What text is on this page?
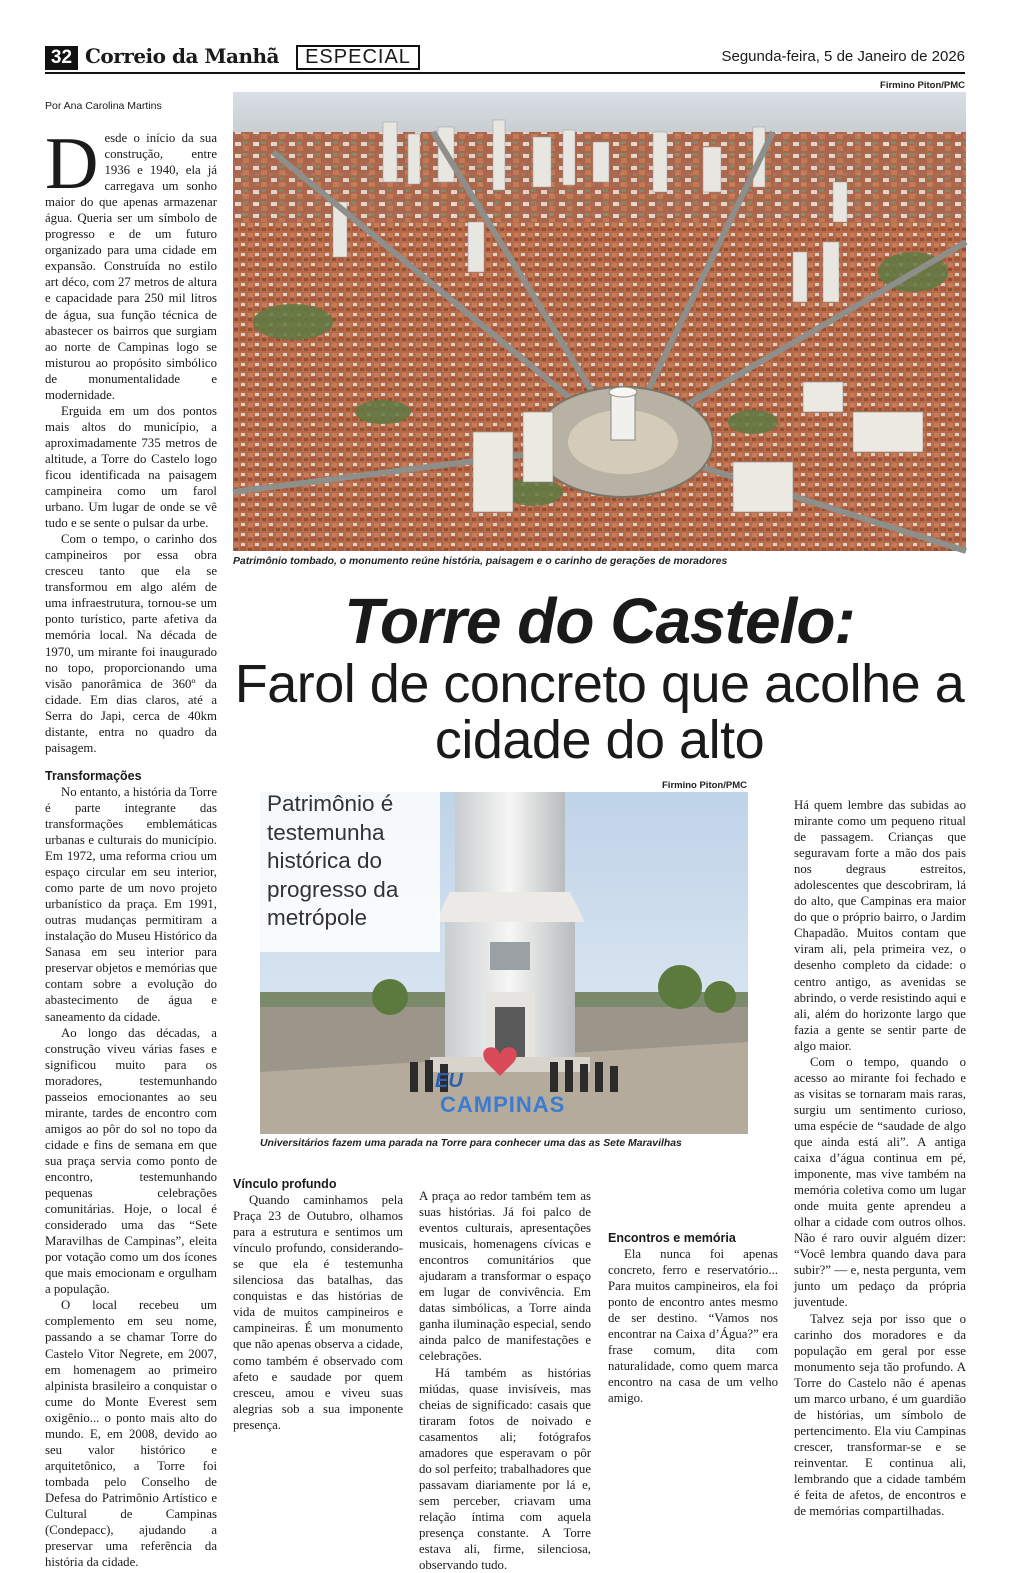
32 Correio da Manhã	ESPECIAL	Segunda-feira, 5 de Janeiro de 2026
Por Ana Carolina Martins
Firmino Piton/PMC
Patrimônio tombado, o monumento reúne história, paisagem e o carinho de gerações de moradores
Torre do Castelo:
Farol de concreto que acolhe a cidade do alto
Firmino Piton/PMC
EU
CAMPINAS
Patrimônio é testemunha histórica do progresso da metrópole
Universitários fazem uma parada na Torre para conhecer uma das as Sete Maravilhas

Desde o início da sua construção, entre 1936 e 1940, ela já carregava um sonho maior do que apenas armazenar água. Queria ser um símbolo de progresso e de um futuro organizado para uma cidade em expansão. Construída no estilo art déco, com 27 metros de altura e capacidade para 250 mil litros de água, sua função técnica de abastecer os bairros que surgiam ao norte de Campinas logo se misturou ao propósito simbólico de monumentalidade e modernidade.

Erguida em um dos pontos mais altos do município, a aproximadamente 735 metros de altitude, a Torre do Castelo logo ficou identificada na paisagem campineira como um farol urbano. Um lugar de onde se vê tudo e se sente o pulsar da urbe.

Com o tempo, o carinho dos campineiros por essa obra cresceu tanto que ela se transformou em algo além de uma infraestrutura, tornou-se um ponto turístico, parte afetiva da memória local. Na década de 1970, um mirante foi inaugurado no topo, proporcionando uma visão panorâmica de 360º da cidade. Em dias claros, até a Serra do Japi, cerca de 40km distante, entra no quadro da paisagem.

Transformações

No entanto, a história da Torre é parte integrante das transformações emblemáticas urbanas e culturais do município. Em 1972, uma reforma criou um espaço circular em seu interior, como parte de um novo projeto urbanístico da praça. Em 1991, outras mudanças permitiram a instalação do Museu Histórico da Sanasa em seu interior para preservar objetos e memórias que contam sobre a evolução do abastecimento de água e saneamento da cidade.

Ao longo das décadas, a construção viveu várias fases e significou muito para os moradores, testemunhando passeios emocionantes ao seu mirante, tardes de encontro com amigos ao pôr do sol no topo da cidade e fins de semana em que sua praça servia como ponto de encontro, testemunhando pequenas celebrações comunitárias. Hoje, o local é considerado uma das “Sete Maravilhas de Campinas”, eleita por votação como um dos ícones que mais emocionam e orgulham a população.

O local recebeu um complemento em seu nome, passando a se chamar Torre do Castelo Vitor Negrete, em 2007, em homenagem ao primeiro alpinista brasileiro a conquistar o cume do Monte Everest sem oxigênio... o ponto mais alto do mundo. E, em 2008, devido ao seu valor histórico e arquitetônico, a Torre foi tombada pelo Conselho de Defesa do Patrimônio Artístico e Cultural de Campinas (Condepacc), ajudando a preservar uma referência da história da cidade.

Vínculo profundo

Quando caminhamos pela Praça 23 de Outubro, olhamos para a estrutura e sentimos um vínculo profundo, considerando-se que ela é testemunha silenciosa das batalhas, das conquistas e das histórias de vida de muitos campineiros e campineiras. É um monumento que não apenas observa a cidade, como também é observado com afeto e saudade por quem cresceu, amou e viveu suas alegrias sob a sua imponente presença.

A praça ao redor também tem as suas histórias. Já foi palco de eventos culturais, apresentações musicais, homenagens cívicas e encontros comunitários que ajudaram a transformar o espaço em lugar de convivência. Em datas simbólicas, a Torre ainda ganha iluminação especial, sendo ainda palco de manifestações e celebrações.

Há também as histórias miúdas, quase invisíveis, mas cheias de significado: casais que tiraram fotos de noivado e casamentos ali; fotógrafos amadores que esperavam o pôr do sol perfeito; trabalhadores que passavam diariamente por lá e, sem perceber, criavam uma relação íntima com aquela presença constante. A Torre estava ali, firme, silenciosa, observando tudo.

Encontros e memória

Ela nunca foi apenas concreto, ferro e reservatório... Para muitos campineiros, ela foi ponto de encontro antes mesmo de ser destino. “Vamos nos encontrar na Caixa d’Água?” era frase comum, dita com naturalidade, como quem marca encontro na casa de um velho amigo.

Há quem lembre das subidas ao mirante como um pequeno ritual de passagem. Crianças que seguravam forte a mão dos pais nos degraus estreitos, adolescentes que descobriram, lá do alto, que Campinas era maior do que o próprio bairro, o Jardim Chapadão. Muitos contam que viram ali, pela primeira vez, o desenho completo da cidade: o centro antigo, as avenidas se abrindo, o verde resistindo aqui e ali, além do horizonte largo que fazia a gente se sentir parte de algo maior.

Com o tempo, quando o acesso ao mirante foi fechado e as visitas se tornaram mais raras, surgiu um sentimento curioso, uma espécie de “saudade de algo que ainda está ali”. A antiga caixa d’água continua em pé, imponente, mas vive também na memória coletiva como um lugar onde muita gente aprendeu a olhar a cidade com outros olhos. Não é raro ouvir alguém dizer: “Você lembra quando dava para subir?” — e, nesta pergunta, vem junto um pedaço da própria juventude.

Talvez seja por isso que o carinho dos moradores e da população em geral por esse monumento seja tão profundo. A Torre do Castelo não é apenas um marco urbano, é um guardião de histórias, um símbolo de pertencimento. Ela viu Campinas crescer, transformar-se e se reinventar. E continua ali, lembrando que a cidade também é feita de afetos, de encontros e de memórias compartilhadas.
